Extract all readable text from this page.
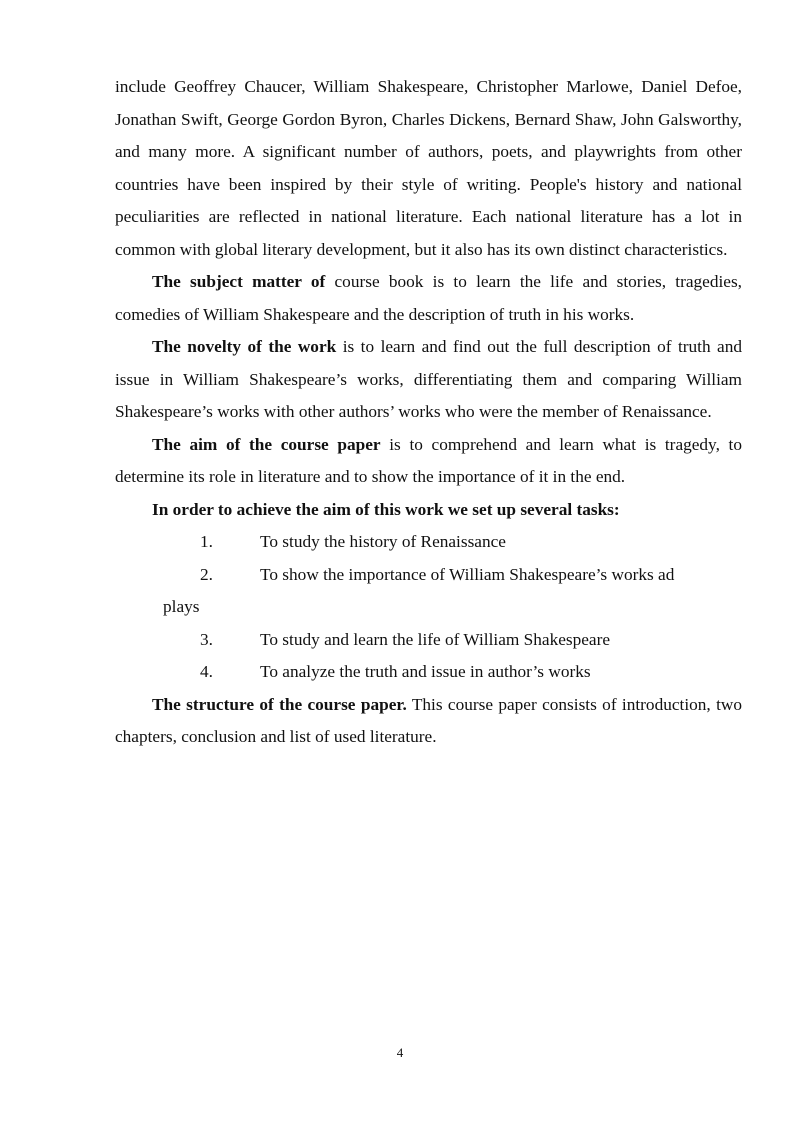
include Geoffrey Chaucer, William Shakespeare, Christopher Marlowe, Daniel Defoe, Jonathan Swift, George Gordon Byron, Charles Dickens, Bernard Shaw, John Galsworthy, and many more. A significant number of authors, poets, and playwrights from other countries have been inspired by their style of writing. People's history and national peculiarities are reflected in national literature. Each national literature has a lot in common with global literary development, but it also has its own distinct characteristics.

The subject matter of course book is to learn the life and stories, tragedies, comedies of William Shakespeare and the description of truth in his works.

The novelty of the work is to learn and find out the full description of truth and issue in William Shakespeare’s works, differentiating them and comparing William Shakespeare’s works with other authors’ works who were the member of Renaissance.

The aim of the course paper is to comprehend and learn what is tragedy, to determine its role in literature and to show the importance of it in the end.

In order to achieve the aim of this work we set up several tasks:

1.	To study the history of Renaissance

2.	To show the importance of William Shakespeare’s works ad
plays

3.	To study and learn the life of William Shakespeare

4.	To analyze the truth and issue in author’s works

The structure of the course paper. This course paper consists of introduction, two chapters, conclusion and list of used literature.

4
